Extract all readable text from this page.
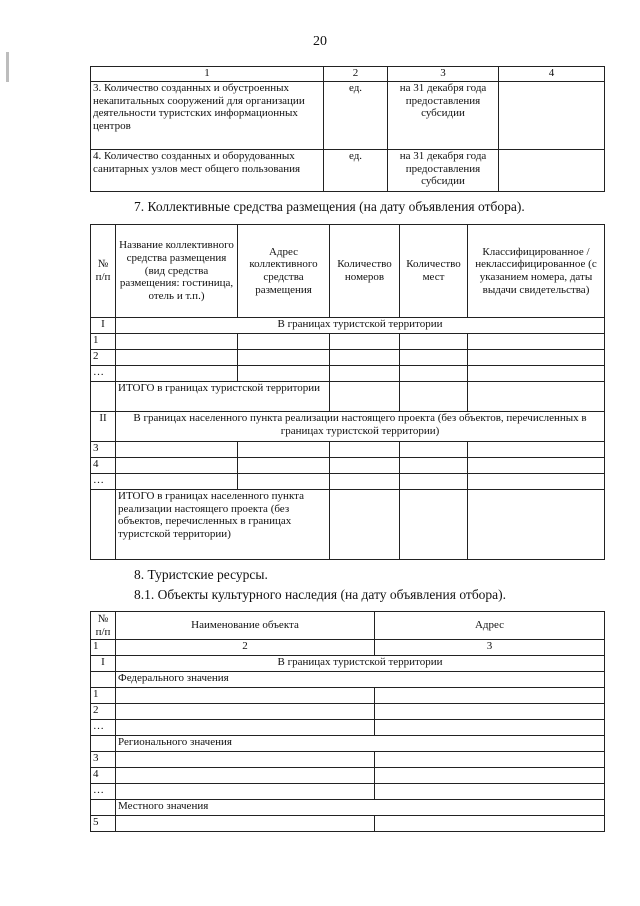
20
1	2	3	4
3. Количество созданных и обустроенных некапитальных сооружений для организации деятельности туристских информационных центров	ед.	на 31 декабря года предоставления субсидии	
4. Количество созданных и оборудованных санитарных узлов мест общего пользования	ед.	на 31 декабря года предоставления субсидии	
7. Коллективные средства размещения (на дату объявления отбора).
№ п/п	Название коллективного средства размещения (вид средства размещения: гостиница, отель и т.п.)	Адрес коллективного средства размещения	Количество номеров	Количество мест	Классифицированное / неклассифицированное (с указанием номера, даты выдачи свидетельства)
I	В границах туристской территории				
1					
2					
…					
	ИТОГО в границах туристской территории				
II	В границах населенного пункта реализации настоящего проекта (без объектов, перечисленных в границах туристской территории)				
3					
4					
…					
	ИТОГО в границах населенного пункта реализации настоящего проекта (без объектов, перечисленных в границах туристской территории)				
8. Туристские ресурсы.
8.1. Объекты культурного наследия (на дату объявления отбора).
№ п/п	Наименование объекта	Адрес
1	2	3
I	В границах туристской территории	
	Федерального значения	
1		
2		
…		
	Регионального значения	
3		
4		
…		
	Местного значения	
5		
